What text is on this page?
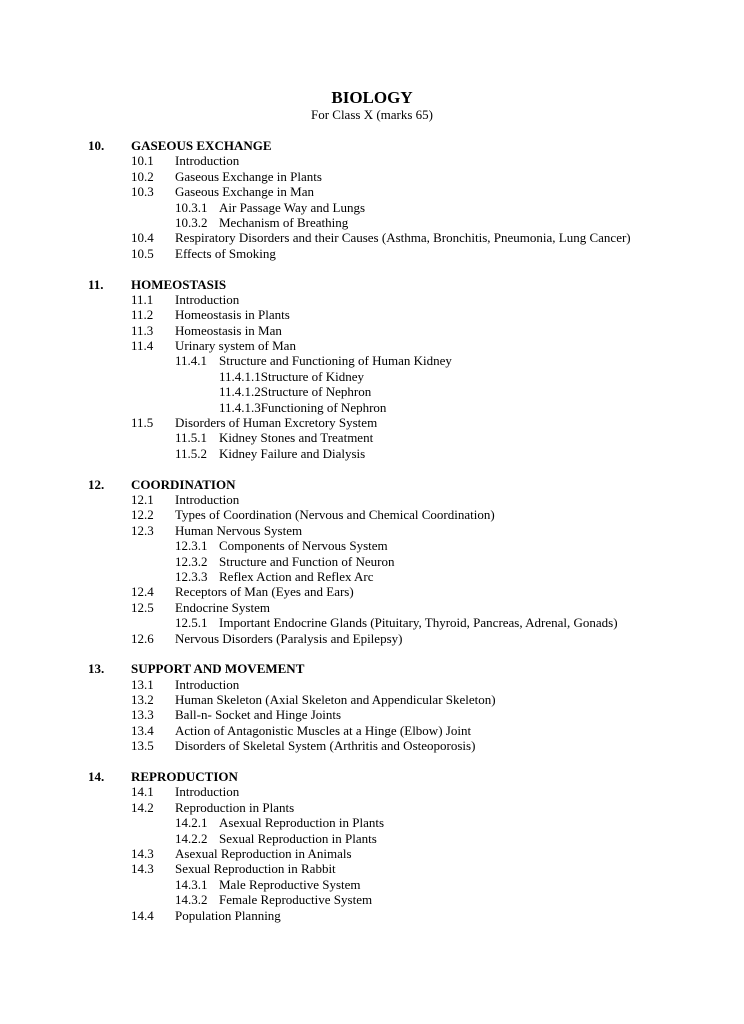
BIOLOGY
For Class X (marks 65)
10. GASEOUS EXCHANGE
10.1 Introduction
10.2 Gaseous Exchange in Plants
10.3 Gaseous Exchange in Man
10.3.1 Air Passage Way and Lungs
10.3.2 Mechanism of Breathing
10.4 Respiratory Disorders and their Causes (Asthma, Bronchitis, Pneumonia, Lung Cancer)
10.5 Effects of Smoking
11. HOMEOSTASIS
11.1 Introduction
11.2 Homeostasis in Plants
11.3 Homeostasis in Man
11.4 Urinary system of Man
11.4.1 Structure and Functioning of Human Kidney
11.4.1.1Structure of Kidney
11.4.1.2Structure of Nephron
11.4.1.3Functioning of Nephron
11.5 Disorders of Human Excretory System
11.5.1 Kidney Stones and Treatment
11.5.2 Kidney Failure and Dialysis
12. COORDINATION
12.1 Introduction
12.2 Types of Coordination (Nervous and Chemical Coordination)
12.3 Human Nervous System
12.3.1 Components of Nervous System
12.3.2 Structure and Function of Neuron
12.3.3 Reflex Action and Reflex Arc
12.4 Receptors of Man (Eyes and Ears)
12.5 Endocrine System
12.5.1 Important Endocrine Glands (Pituitary, Thyroid, Pancreas, Adrenal, Gonads)
12.6 Nervous Disorders (Paralysis and Epilepsy)
13. SUPPORT AND MOVEMENT
13.1 Introduction
13.2 Human Skeleton (Axial Skeleton and Appendicular Skeleton)
13.3 Ball-n- Socket and Hinge Joints
13.4 Action of Antagonistic Muscles at a Hinge (Elbow) Joint
13.5 Disorders of Skeletal System (Arthritis and Osteoporosis)
14. REPRODUCTION
14.1 Introduction
14.2 Reproduction in Plants
14.2.1 Asexual Reproduction in Plants
14.2.2 Sexual Reproduction in Plants
14.3 Asexual Reproduction in Animals
14.3 Sexual Reproduction in Rabbit
14.3.1 Male Reproductive System
14.3.2 Female Reproductive System
14.4 Population Planning
